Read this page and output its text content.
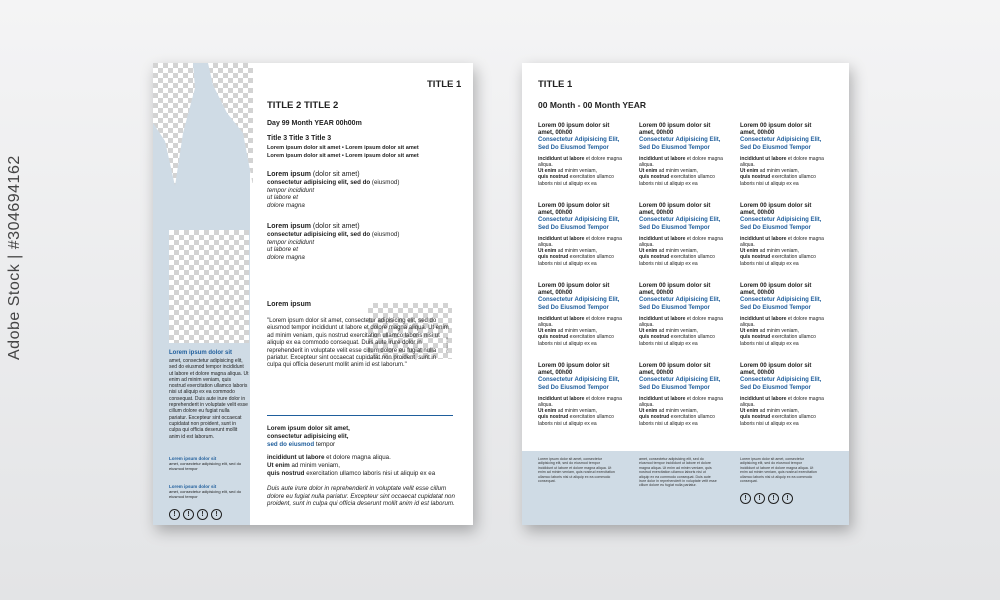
Adobe Stock | #304694162	Lorem ipsum dolor sit
amet, consectetur adipisicing elit, sed do eiusmod tempor incididunt ut labore et dolore magna aliqua. Ut enim ad minim veniam, quis nostrud exercitation ullamco laboris nisi ut aliquip ex ea commodo consequat. Duis aute irure dolor in reprehenderit in voluptate velit esse cillum dolore eu fugiat nulla pariatur. Excepteur sint occaecat cupidatat non proident, sunt in culpa qui officia deserunt mollit anim id est laborum.
Lorem ipsum dolor sit
amet, consectetur adipisicing elit, sed do eiusmod tempor
Lorem ipsum dolor sit
amet, consectetur adipisicing elit, sed do eiusmod tempor
!	!	!	!
TITLE 1
TITLE 2 TITLE 2
Day 99 Month YEAR 00h00m
Title 3 Title 3 Title 3
Lorem ipsum dolor sit amet • Lorem ipsum dolor sit amet
Lorem ipsum dolor sit amet • Lorem ipsum dolor sit amet
Lorem ipsum (dolor sit amet)
consectetur adipisicing elit, sed do (eiusmod)
tempor incididunt
ut labore et
dolore magna
Lorem ipsum (dolor sit amet)
consectetur adipisicing elit, sed do (eiusmod)
tempor incididunt
ut labore et
dolore magna
Lorem ipsum
Photo credit
"Lorem ipsum dolor sit amet, consectetur adipisicing elit, sed do eiusmod tempor incididunt ut labore et dolore magna aliqua. Ut enim ad minim veniam, quis nostrud exercitation ullamco laboris nisi ut aliquip ex ea commodo consequat. Duis aute irure dolor in reprehenderit in voluptate velit esse cillum dolore eu fugiat nulla pariatur. Excepteur sint occaecat cupidatat non proident, sunt in culpa qui officia deserunt mollit anim id est laborum."
Lorem ipsum dolor sit amet,
consectetur adipisicing elit,
sed do eiusmod tempor
incididunt ut labore et dolore magna aliqua.
Ut enim ad minim veniam,
quis nostrud exercitation ullamco laboris nisi ut aliquip ex ea
Duis aute irure dolor in reprehenderit in voluptate velit esse cillum dolore eu fugiat nulla pariatur. Excepteur sint occaecat cupidatat non proident, sunt in culpa qui officia deserunt mollit anim id est laborum.
TITLE 1
00 Month - 00 Month YEAR
Lorem 00 ipsum dolor sit amet, 00h00
Consectetur Adipisicing Elit, Sed Do Eiusmod Tempor
incididunt ut labore et dolore magna aliqua.
Ut enim ad minim veniam,
quis nostrud exercitation ullamco laboris nisi ut aliquip ex ea
Lorem 00 ipsum dolor sit amet, 00h00
Consectetur Adipisicing Elit, Sed Do Eiusmod Tempor
incididunt ut labore et dolore magna aliqua.
Ut enim ad minim veniam,
quis nostrud exercitation ullamco laboris nisi ut aliquip ex ea
Lorem 00 ipsum dolor sit amet, 00h00
Consectetur Adipisicing Elit, Sed Do Eiusmod Tempor
incididunt ut labore et dolore magna aliqua.
Ut enim ad minim veniam,
quis nostrud exercitation ullamco laboris nisi ut aliquip ex ea
Lorem 00 ipsum dolor sit amet, 00h00
Consectetur Adipisicing Elit, Sed Do Eiusmod Tempor
incididunt ut labore et dolore magna aliqua.
Ut enim ad minim veniam,
quis nostrud exercitation ullamco laboris nisi ut aliquip ex ea
Lorem 00 ipsum dolor sit amet, 00h00
Consectetur Adipisicing Elit, Sed Do Eiusmod Tempor
incididunt ut labore et dolore magna aliqua.
Ut enim ad minim veniam,
quis nostrud exercitation ullamco laboris nisi ut aliquip ex ea
Lorem 00 ipsum dolor sit amet, 00h00
Consectetur Adipisicing Elit, Sed Do Eiusmod Tempor
incididunt ut labore et dolore magna aliqua.
Ut enim ad minim veniam,
quis nostrud exercitation ullamco laboris nisi ut aliquip ex ea
Lorem 00 ipsum dolor sit amet, 00h00
Consectetur Adipisicing Elit, Sed Do Eiusmod Tempor
incididunt ut labore et dolore magna aliqua.
Ut enim ad minim veniam,
quis nostrud exercitation ullamco laboris nisi ut aliquip ex ea
Lorem 00 ipsum dolor sit amet, 00h00
Consectetur Adipisicing Elit, Sed Do Eiusmod Tempor
incididunt ut labore et dolore magna aliqua.
Ut enim ad minim veniam,
quis nostrud exercitation ullamco laboris nisi ut aliquip ex ea
Lorem 00 ipsum dolor sit amet, 00h00
Consectetur Adipisicing Elit, Sed Do Eiusmod Tempor
incididunt ut labore et dolore magna aliqua.
Ut enim ad minim veniam,
quis nostrud exercitation ullamco laboris nisi ut aliquip ex ea
Lorem 00 ipsum dolor sit amet, 00h00
Consectetur Adipisicing Elit, Sed Do Eiusmod Tempor
incididunt ut labore et dolore magna aliqua.
Ut enim ad minim veniam,
quis nostrud exercitation ullamco laboris nisi ut aliquip ex ea
Lorem 00 ipsum dolor sit amet, 00h00
Consectetur Adipisicing Elit, Sed Do Eiusmod Tempor
incididunt ut labore et dolore magna aliqua.
Ut enim ad minim veniam,
quis nostrud exercitation ullamco laboris nisi ut aliquip ex ea
Lorem 00 ipsum dolor sit amet, 00h00
Consectetur Adipisicing Elit, Sed Do Eiusmod Tempor
incididunt ut labore et dolore magna aliqua.
Ut enim ad minim veniam,
quis nostrud exercitation ullamco laboris nisi ut aliquip ex ea
Lorem ipsum dolor sit amet, consectetur adipisicing elit, sed do eiusmod tempor incididunt ut labore et dolore magna aliqua. Ut enim ad minim veniam, quis nostrud exercitation ullamco laboris nisi ut aliquip ex ea commodo consequat.
amet, consectetur adipisicing elit, sed do eiusmod tempor incididunt ut labore et dolore magna aliqua. Ut enim ad minim veniam, quis nostrud exercitation ullamco laboris nisi ut aliquip ex ea commodo consequat. Duis aute irure dolor in reprehenderit in voluptate velit esse cillum dolore eu fugiat nulla pariatur.
Lorem ipsum dolor sit amet, consectetur adipisicing elit, sed do eiusmod tempor incididunt ut labore et dolore magna aliqua. Ut enim ad minim veniam, quis nostrud exercitation ullamco laboris nisi ut aliquip ex ea commodo consequat.
!	!	!	!
